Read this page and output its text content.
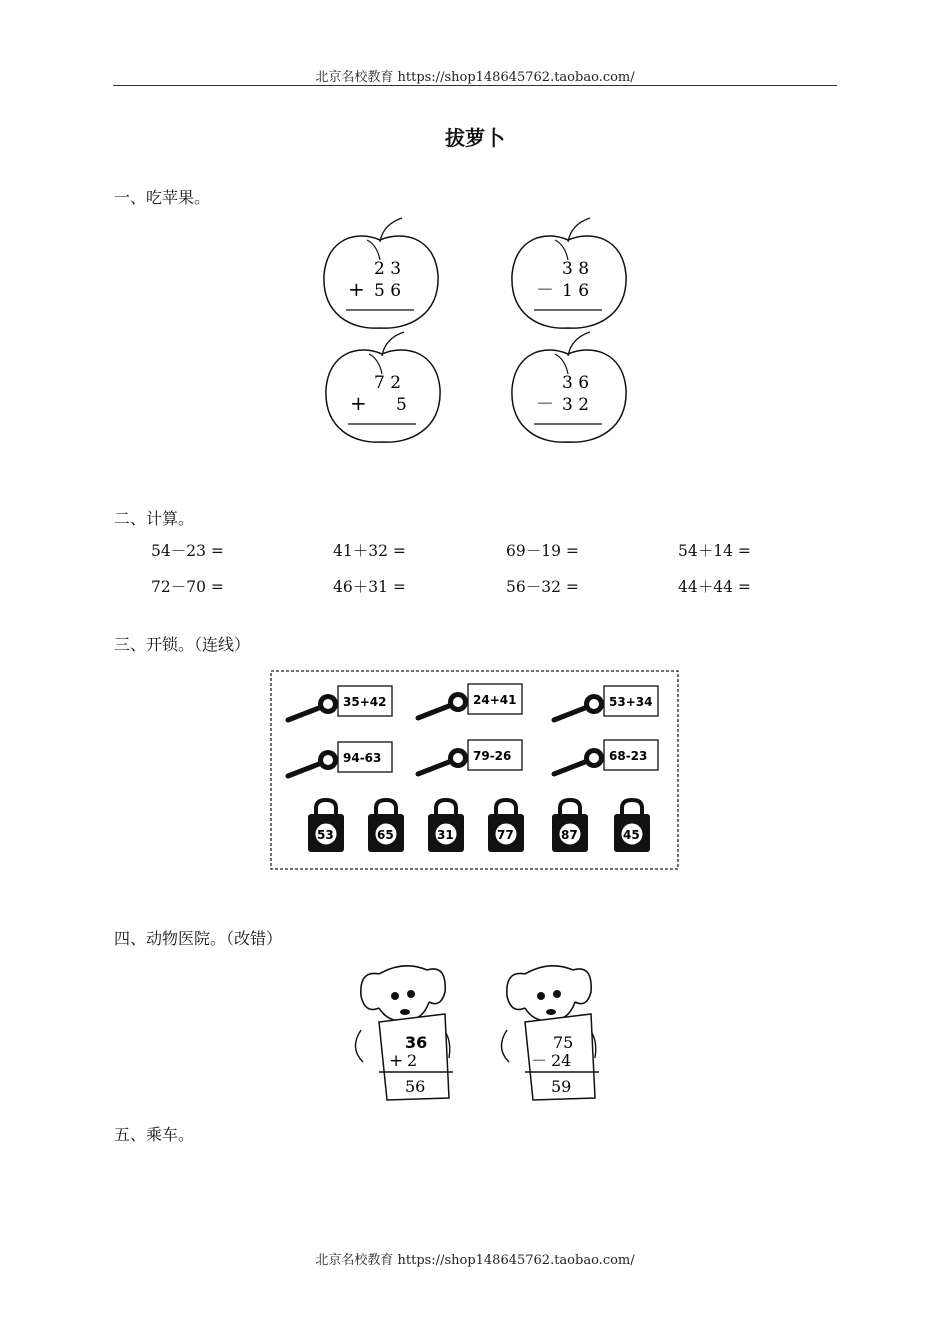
北京名校教育 https://shop148645762.taobao.com/
拔萝卜
一、吃苹果。
2 3
+ 5 6
3 8
－ 1 6
7 2
+ 5
3 6
－ 3 2
二、计算。
54－23 =	41＋32 =	69－19 =	54＋14 =
72－70 =	46＋31 =	56－32 =	44＋44 =
三、开锁。（连线）
35+42	24+41	53+34
94-63	79-26	68-23
53	65	31	77	87	45
四、动物医院。（改错）
36
+ 2
56
75
－ 24
59
五、乘车。
北京名校教育 https://shop148645762.taobao.com/
